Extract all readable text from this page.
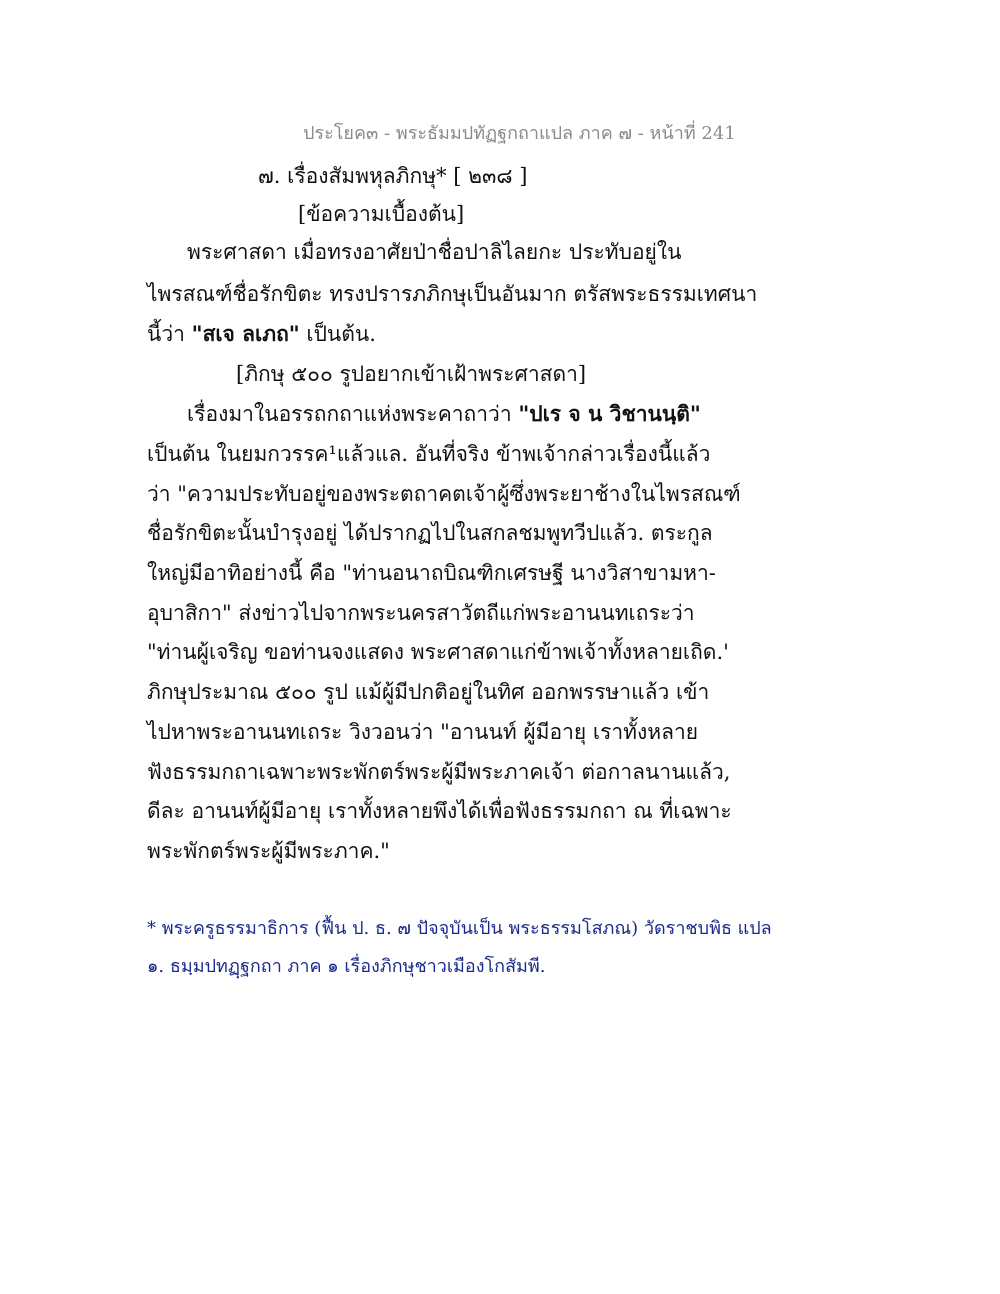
ประโยค๓ - พระธัมมปทัฏฐกถาแปล ภาค ๗ - หน้าที่ 241
๗. เรื่องสัมพหุลภิกษุ* [ ๒๓๘ ]
[ข้อความเบื้องต้น]
พระศาสดา เมื่อทรงอาศัยป่าชื่อปาลิไลยกะ ประทับอยู่ใน
ไพรสณฑ์ชื่อรักขิตะ ทรงปรารภภิกษุเป็นอันมาก ตรัสพระธรรมเทศนา
นี้ว่า "สเจ ลเภถ" เป็นต้น.
[ภิกษุ ๕๐๐ รูปอยากเข้าเฝ้าพระศาสดา]
เรื่องมาในอรรถกถาแห่งพระคาถาว่า "ปเร จ น วิชานนฺติ"
เป็นต้น ในยมกวรรค¹แล้วแล. อันที่จริง ข้าพเจ้ากล่าวเรื่องนี้แล้ว
ว่า "ความประทับอยู่ของพระตถาคตเจ้าผู้ซึ่งพระยาช้างในไพรสณฑ์
ชื่อรักขิตะนั้นบำรุงอยู่ ได้ปรากฏไปในสกลชมพูทวีปแล้ว. ตระกูล
ใหญ่มีอาทิอย่างนี้ คือ "ท่านอนาถบิณฑิกเศรษฐี นางวิสาขามหา-
อุบาสิกา" ส่งข่าวไปจากพระนครสาวัตถีแก่พระอานนทเถระว่า
"ท่านผู้เจริญ ขอท่านจงแสดง พระศาสดาแก่ข้าพเจ้าทั้งหลายเถิด.'
ภิกษุประมาณ ๕๐๐ รูป แม้ผู้มีปกติอยู่ในทิศ ออกพรรษาแล้ว เข้า
ไปหาพระอานนทเถระ วิงวอนว่า "อานนท์ ผู้มีอายุ เราทั้งหลาย
ฟังธรรมกถาเฉพาะพระพักตร์พระผู้มีพระภาคเจ้า ต่อกาลนานแล้ว,
ดีละ อานนท์ผู้มีอายุ เราทั้งหลายพึงได้เพื่อฟังธรรมกถา ณ ที่เฉพาะ
พระพักตร์พระผู้มีพระภาค."
* พระครูธรรมาธิการ (ฟื้น ป. ธ. ๗ ปัจจุบันเป็น พระธรรมโสภณ) วัดราชบพิธ แปล
๑. ธมฺมปทฏฺฐกถา ภาค ๑ เรื่องภิกษุชาวเมืองโกสัมพี.
